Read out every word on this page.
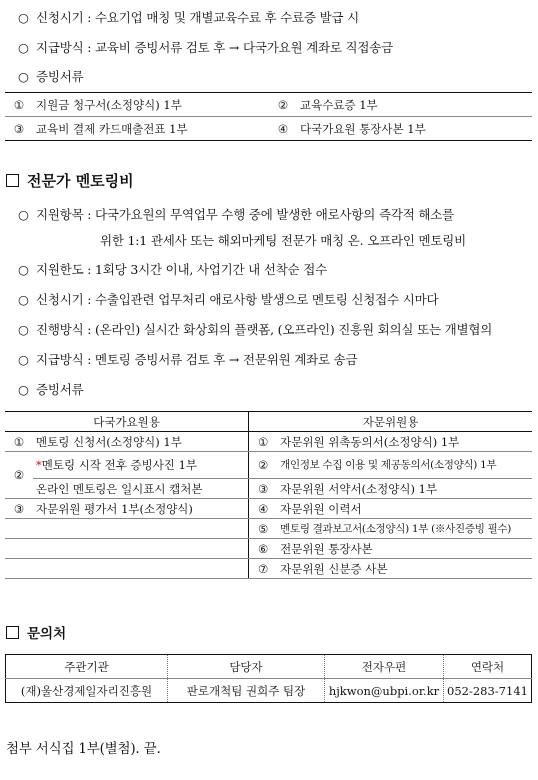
○ 신청시기 : 수요기업 매칭 및 개별교육수료 후 수료증 발급 시
○ 지급방식 : 교육비 증빙서류 검토 후 → 다국가요원 계좌로 직접송금
○ 증빙서류
①	지원금 청구서(소정양식) 1부	②	교육수료증 1부
③	교육비 결제 카드매출전표 1부	④	다국가요원 통장사본 1부
전문가 멘토링비
○ 지원항목 : 다국가요원의 무역업무 수행 중에 발생한 애로사항의 즉각적 해소를
위한 1:1 관세사 또는 해외마케팅 전문가 매칭 온. 오프라인 멘토링비
○ 지원한도 : 1회당 3시간 이내, 사업기간 내 선착순 접수
○ 신청시기 : 수출입관련 업무처리 애로사항 발생으로 멘토링 신청접수 시마다
○ 진행방식 : (온라인) 실시간 화상회의 플랫폼, (오프라인) 진흥원 회의실 또는 개별협의
○ 지급방식 : 멘토링 증빙서류 검토 후 → 전문위원 계좌로 송금
○ 증빙서류
다국가요원용		자문위원용	
①	멘토링 신청서(소정양식) 1부	①	자문위원 위촉동의서(소정양식) 1부
②	*멘토링 시작 전후 증빙사진 1부	②	개인정보 수집 이용 및 제공동의서(소정양식) 1부
	온라인 멘토링은 일시표시 캡처본	③	자문위원 서약서(소정양식) 1부
③	자문위원 평가서 1부(소정양식)	④	자문위원 이력서
		⑤	멘토링 결과보고서(소정양식) 1부 (※사진증빙 필수)
		⑥	전문위원 통장사본
		⑦	자문위원 신분증 사본
문의처
주관기관	담당자	전자우편	연락처
(재)울산경제일자리진흥원	판로개척팀 권희주 팀장	hjkwon@ubpi.or.kr	052-283-7141
첨부 서식집 1부(별첨). 끝.
